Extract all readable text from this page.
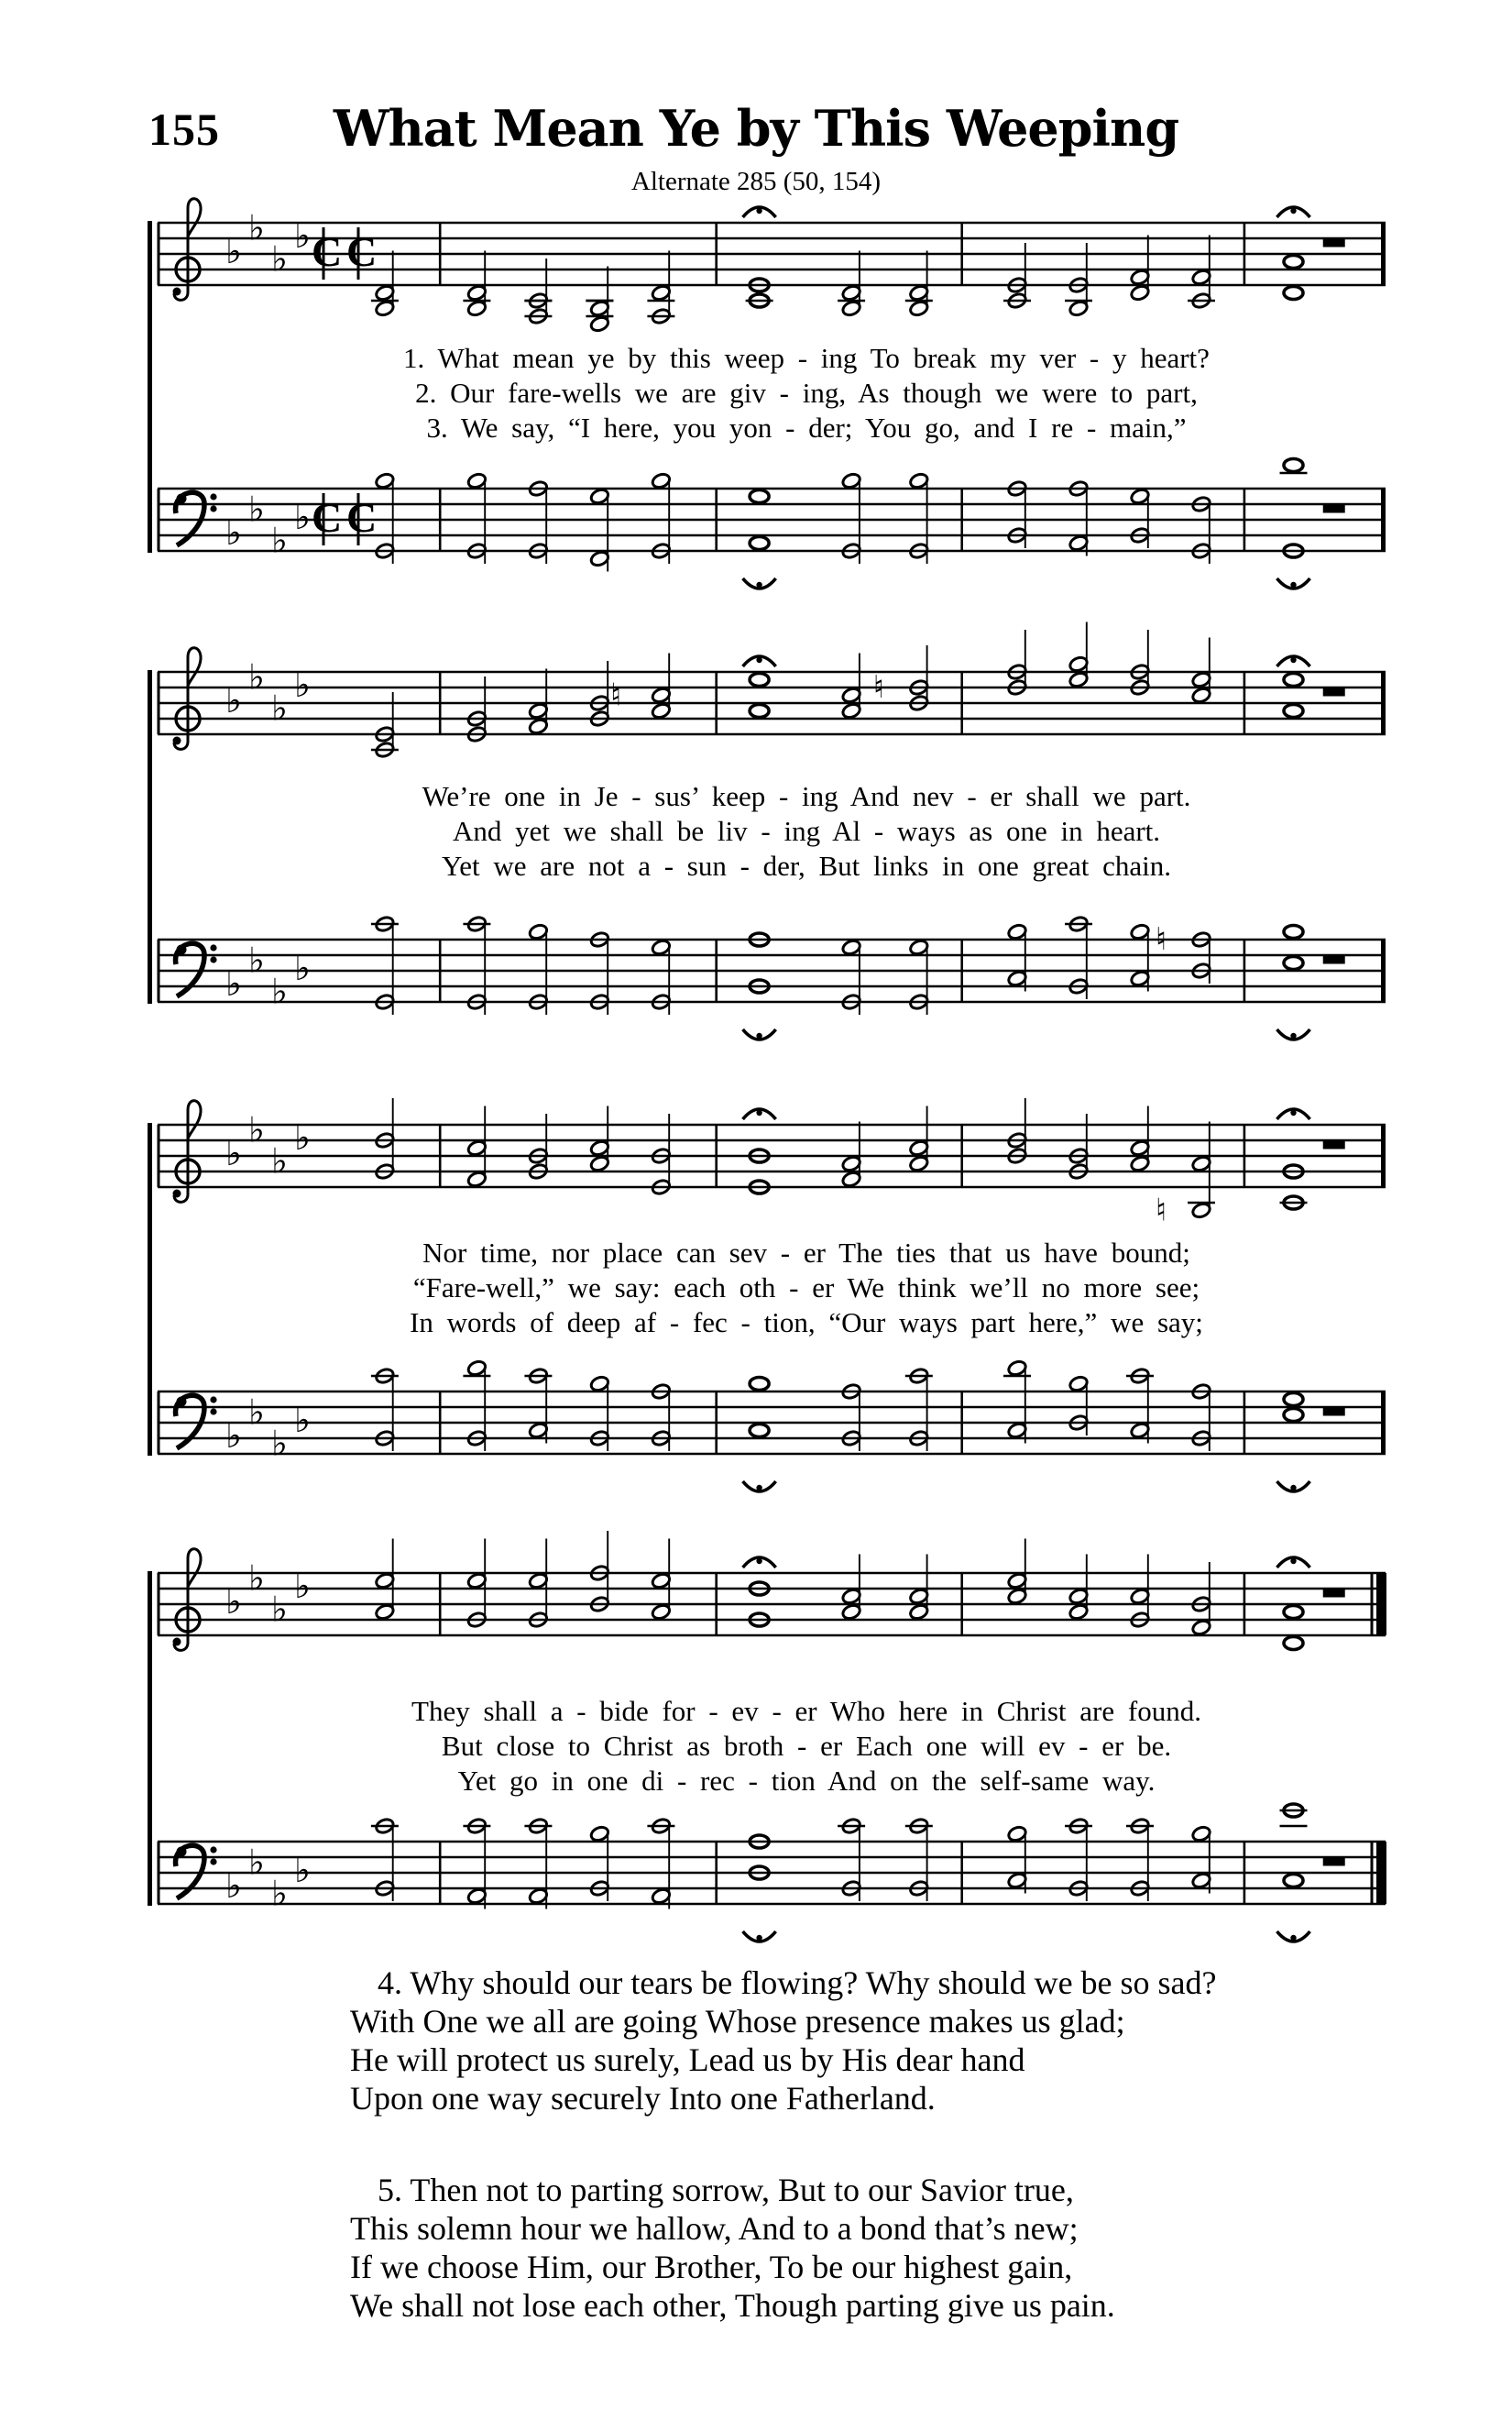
155	What Mean Ye by This Weeping
Alternate 285 (50, 154)
♭
♭
♭
♭ C C
♭
♭
♭
♭ C C
♭
♭
♭
♭	♮	♮
♭
♭
♭
♭
♮
♭
♭
♭
♭
♮
♭
♭
♭
♭
♭
♭
♭
♭
♭
♭
♭
♭
1. What mean ye by this weep - ing To break my ver - y heart?
2. Our fare-wells we are giv - ing, As though we were to part,
3. We say, “I here, you yon - der; You go, and I re - main,”
We’re one in Je - sus’ keep - ing And nev - er shall we part.
And yet we shall be liv - ing Al - ways as one in heart.
Yet we are not a - sun - der, But links in one great chain.
Nor time, nor place can sev - er The ties that us have bound;
“Fare-well,” we say: each oth - er We think we’ll no more see;
In words of deep af - fec - tion, “Our ways part here,” we say;
They shall a - bide for - ev - er Who here in Christ are found.
But close to Christ as broth - er Each one will ev - er be.
Yet go in one di - rec - tion And on the self-same way.
4. Why should our tears be flowing? Why should we be so sad?
With One we all are going Whose presence makes us glad;
He will protect us surely, Lead us by His dear hand
Upon one way securely Into one Fatherland.
5. Then not to parting sorrow, But to our Savior true,
This solemn hour we hallow, And to a bond that’s new;
If we choose Him, our Brother, To be our highest gain,
We shall not lose each other, Though parting give us pain.
